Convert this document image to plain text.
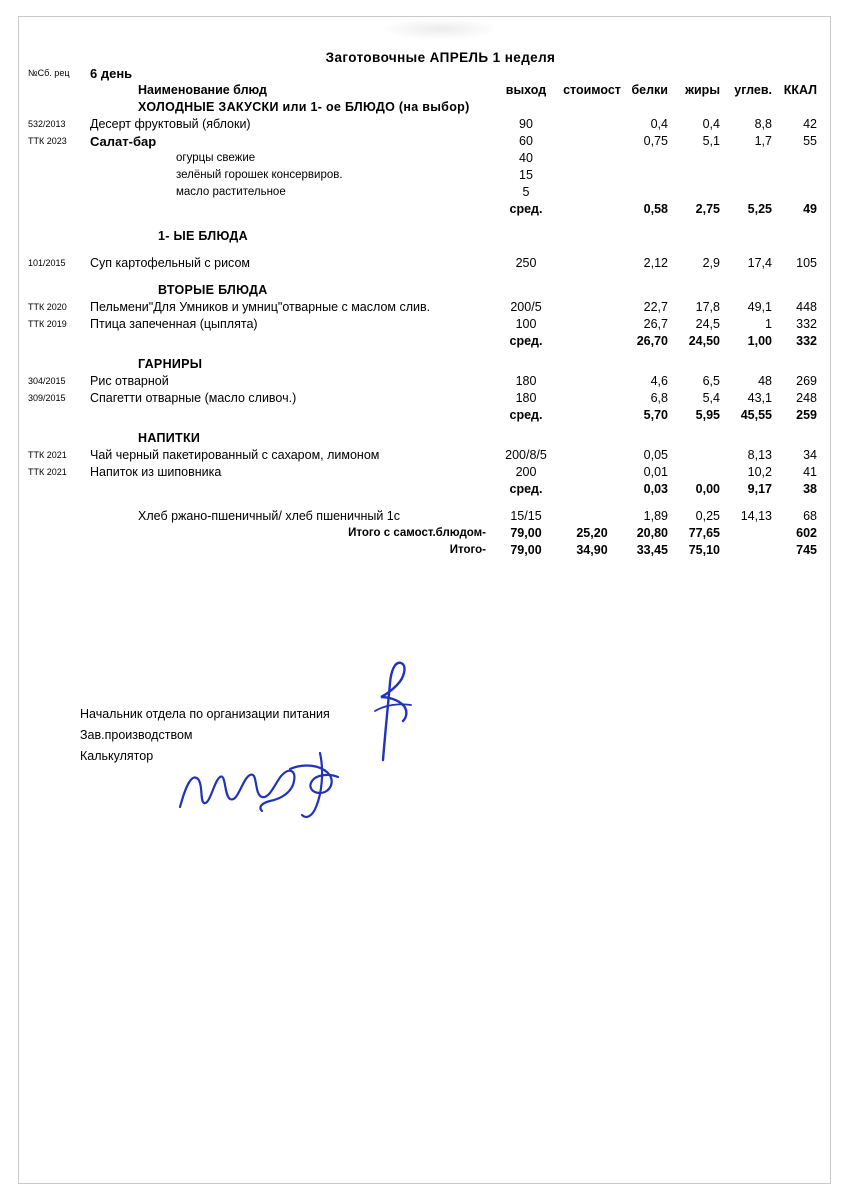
Заготовочные АПРЕЛЬ 1 неделя
№Сб. рец	6 день						
	Наименование блюд	выход	стоимост	белки	жиры	углев.	ККАЛ
	ХОЛОДНЫЕ ЗАКУСКИ или 1- ое БЛЮДО (на выбор)						
532/2013	Десерт фруктовый (яблоки)	90		0,4	0,4	8,8	42
ТТК 2023	Салат-бар	60		0,75	5,1	1,7	55
	огурцы свежие	40					
	зелёный горошек консервиров.	15					
	масло растительное	5					
		сред.		0,58	2,75	5,25	49

	1- ЫЕ БЛЮДА						

101/2015	Суп картофельный с рисом	250		2,12	2,9	17,4	105

	ВТОРЫЕ БЛЮДА						
ТТК 2020	Пельмени"Для Умников и умниц"отварные с маслом слив.	200/5		22,7	17,8	49,1	448
ТТК 2019	Птица запеченная (цыплята)	100		26,7	24,5	1	332
		сред.		26,70	24,50	1,00	332

	ГАРНИРЫ						
304/2015	Рис отварной	180		4,6	6,5	48	269
309/2015	Спагетти отварные (масло сливоч.)	180		6,8	5,4	43,1	248
		сред.		5,70	5,95	45,55	259

	НАПИТКИ						
ТТК 2021	Чай черный пакетированный с сахаром, лимоном	200/8/5		0,05		8,13	34
ТТК 2021	Напиток из шиповника	200		0,01		10,2	41
		сред.		0,03	0,00	9,17	38

	Хлеб ржано-пшеничный/ хлеб пшеничный 1с	15/15		1,89	0,25	14,13	68
	Итого с самост.блюдом-	79,00	25,20	20,80	77,65		602
	Итого-	79,00	34,90	33,45	75,10		745
Начальник отдела по организации питания
Зав.производством
Калькулятор
